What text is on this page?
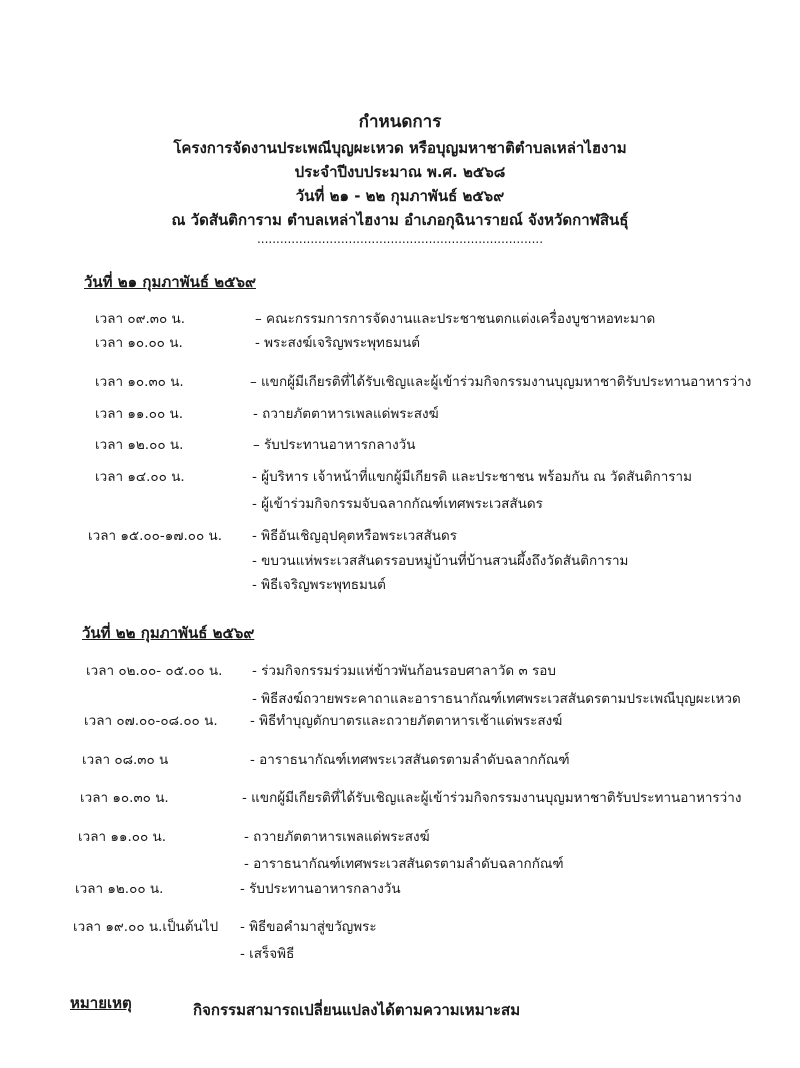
กำหนดการ
โครงการจัดงานประเพณีบุญผะเหวด หรือบุญมหาชาติตำบลเหล่าไฮงาม
ประจำปีงบประมาณ พ.ศ. ๒๕๖๘
วันที่ ๒๑ - ๒๒ กุมภาพันธ์ ๒๕๖๙
ณ วัดสันติการาม ตำบลเหล่าไฮงาม อำเภอกุฉินารายณ์ จังหวัดกาฬสินธุ์
...........................................................................
วันที่ ๒๑ กุมภาพันธ์ ๒๕๖๙
เวลา ๐๙.๓๐ น.	– คณะกรรมการการจัดงานและประชาชนตกแต่งเครื่องบูชาหอทะมาด
เวลา ๑๐.๐๐ น.	- พระสงฆ์เจริญพระพุทธมนต์
เวลา ๑๐.๓๐ น.	– แขกผู้มีเกียรติที่ได้รับเชิญและผู้เข้าร่วมกิจกรรมงานบุญมหาชาติรับประทานอาหารว่าง
เวลา ๑๑.๐๐ น.	- ถวายภัตตาหารเพลแด่พระสงฆ์
เวลา ๑๒.๐๐ น.	– รับประทานอาหารกลางวัน
เวลา ๑๔.๐๐ น.	- ผู้บริหาร เจ้าหน้าที่แขกผู้มีเกียรติ และประชาชน พร้อมกัน ณ วัดสันติการาม
- ผู้เข้าร่วมกิจกรรมจับฉลากกัณฑ์เทศพระเวสสันดร
เวลา ๑๕.๐๐-๑๗.๐๐ น. - พิธีอันเชิญอุปคุตหรือพระเวสสันดร
- ขบวนแห่พระเวสสันดรรอบหมู่บ้านที่บ้านสวนผึ้งถึงวัดสันติการาม
- พิธีเจริญพระพุทธมนต์
วันที่ ๒๒ กุมภาพันธ์ ๒๕๖๙
เวลา ๐๒.๐๐- ๐๕.๐๐ น. - ร่วมกิจกรรมร่วมแห่ข้าวพันก้อนรอบศาลาวัด ๓ รอบ
- พิธีสงฆ์ถวายพระคาถาและอาราธนากัณฑ์เทศพระเวสสันดรตามประเพณีบุญผะเหวด
เวลา ๐๗.๐๐-๐๘.๐๐ น. - พิธีทำบุญตักบาตรและถวายภัตตาหารเช้าแด่พระสงฆ์
เวลา ๐๘.๓๐ น	- อาราธนากัณฑ์เทศพระเวสสันดรตามลำดับฉลากกัณฑ์
เวลา ๑๐.๓๐ น.	- แขกผู้มีเกียรติที่ได้รับเชิญและผู้เข้าร่วมกิจกรรมงานบุญมหาชาติรับประทานอาหารว่าง
เวลา ๑๑.๐๐ น.	- ถวายภัตตาหารเพลแด่พระสงฆ์
- อาราธนากัณฑ์เทศพระเวสสันดรตามลำดับฉลากกัณฑ์
เวลา ๑๒.๐๐ น.	- รับประทานอาหารกลางวัน
เวลา ๑๙.๐๐ น.เป็นต้นไป - พิธีขอคำมาสู่ขวัญพระ
- เสร็จพิธี
หมายเหตุ	กิจกรรมสามารถเปลี่ยนแปลงได้ตามความเหมาะสม
